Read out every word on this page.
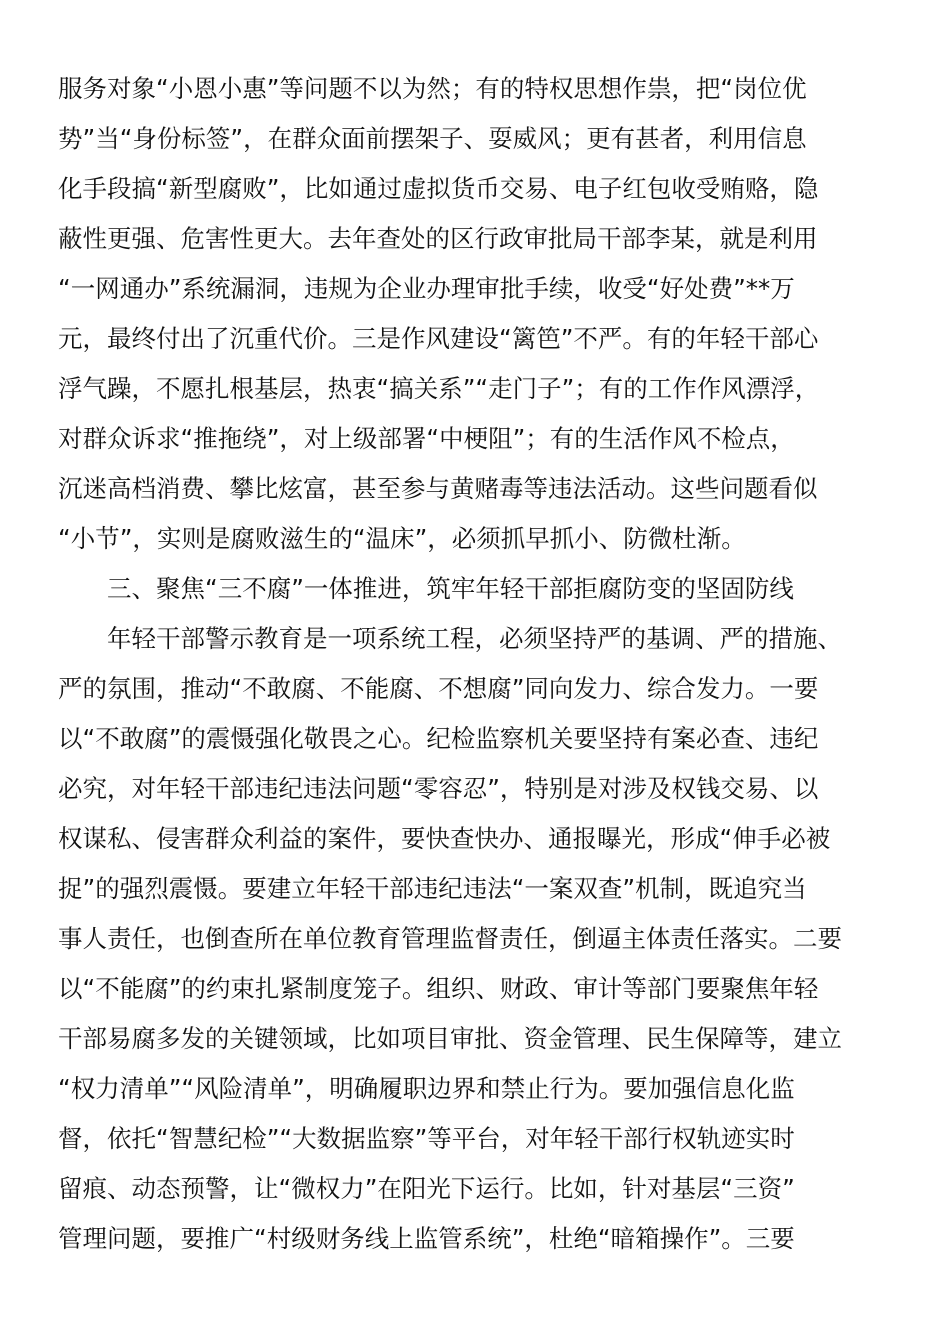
服务对象“小恩小惠”等问题不以为然；有的特权思想作祟，把“岗位优
势”当“身份标签”，在群众面前摆架子、耍威风；更有甚者，利用信息
化手段搞“新型腐败”，比如通过虚拟货币交易、电子红包收受贿赂，隐
蔽性更强、危害性更大。去年查处的区行政审批局干部李某，就是利用
“一网通办”系统漏洞，违规为企业办理审批手续，收受“好处费”**万
元，最终付出了沉重代价。三是作风建设“篱笆”不严。有的年轻干部心
浮气躁，不愿扎根基层，热衷“搞关系”“走门子”；有的工作作风漂浮，
对群众诉求“推拖绕”，对上级部署“中梗阻”；有的生活作风不检点，
沉迷高档消费、攀比炫富，甚至参与黄赌毒等违法活动。这些问题看似
“小节”，实则是腐败滋生的“温床”，必须抓早抓小、防微杜渐。
　　三、聚焦“三不腐”一体推进，筑牢年轻干部拒腐防变的坚固防线
　　年轻干部警示教育是一项系统工程，必须坚持严的基调、严的措施、
严的氛围，推动“不敢腐、不能腐、不想腐”同向发力、综合发力。一要
以“不敢腐”的震慑强化敬畏之心。纪检监察机关要坚持有案必查、违纪
必究，对年轻干部违纪违法问题“零容忍”，特别是对涉及权钱交易、以
权谋私、侵害群众利益的案件，要快查快办、通报曝光，形成“伸手必被
捉”的强烈震慑。要建立年轻干部违纪违法“一案双查”机制，既追究当
事人责任，也倒查所在单位教育管理监督责任，倒逼主体责任落实。二要
以“不能腐”的约束扎紧制度笼子。组织、财政、审计等部门要聚焦年轻
干部易腐多发的关键领域，比如项目审批、资金管理、民生保障等，建立
“权力清单”“风险清单”，明确履职边界和禁止行为。要加强信息化监
督，依托“智慧纪检”“大数据监察”等平台，对年轻干部行权轨迹实时
留痕、动态预警，让“微权力”在阳光下运行。比如，针对基层“三资”
管理问题，要推广“村级财务线上监管系统”，杜绝“暗箱操作”。三要
